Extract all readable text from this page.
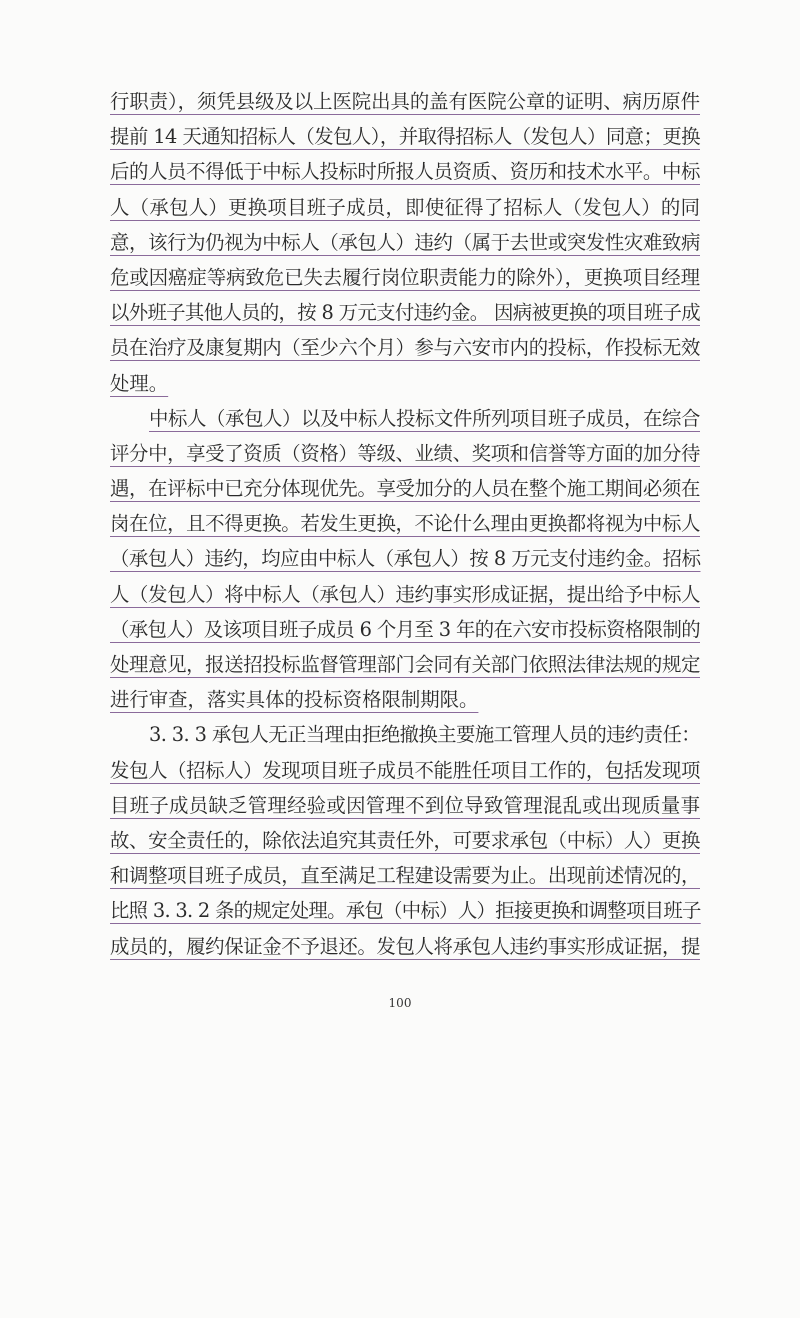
行职责），须凭县级及以上医院出具的盖有医院公章的证明、病历原件
提前 14 天通知招标人（发包人），并取得招标人（发包人）同意；更换
后的人员不得低于中标人投标时所报人员资质、资历和技术水平。中标
人（承包人）更换项目班子成员，即使征得了招标人（发包人）的同
意，该行为仍视为中标人（承包人）违约（属于去世或突发性灾难致病
危或因癌症等病致危已失去履行岗位职责能力的除外），更换项目经理
以外班子其他人员的，按 8 万元支付违约金。 因病被更换的项目班子成
员在治疗及康复期内（至少六个月）参与六安市内的投标，作投标无效
处理。
中标人（承包人）以及中标人投标文件所列项目班子成员，在综合
评分中，享受了资质（资格）等级、业绩、奖项和信誉等方面的加分待
遇，在评标中已充分体现优先。享受加分的人员在整个施工期间必须在
岗在位，且不得更换。若发生更换，不论什么理由更换都将视为中标人
（承包人）违约，均应由中标人（承包人）按 8 万元支付违约金。招标
人（发包人）将中标人（承包人）违约事实形成证据，提出给予中标人
（承包人）及该项目班子成员 6 个月至 3 年的在六安市投标资格限制的
处理意见，报送招投标监督管理部门会同有关部门依照法律法规的规定
进行审查，落实具体的投标资格限制期限。
3. 3. 3 承包人无正当理由拒绝撤换主要施工管理人员的违约责任：
发包人（招标人）发现项目班子成员不能胜任项目工作的，包括发现项
目班子成员缺乏管理经验或因管理不到位导致管理混乱或出现质量事
故、安全责任的，除依法追究其责任外，可要求承包（中标）人）更换
和调整项目班子成员，直至满足工程建设需要为止。出现前述情况的，
比照 3. 3. 2 条的规定处理。承包（中标）人）拒接更换和调整项目班子
成员的，履约保证金不予退还。发包人将承包人违约事实形成证据，提
100
